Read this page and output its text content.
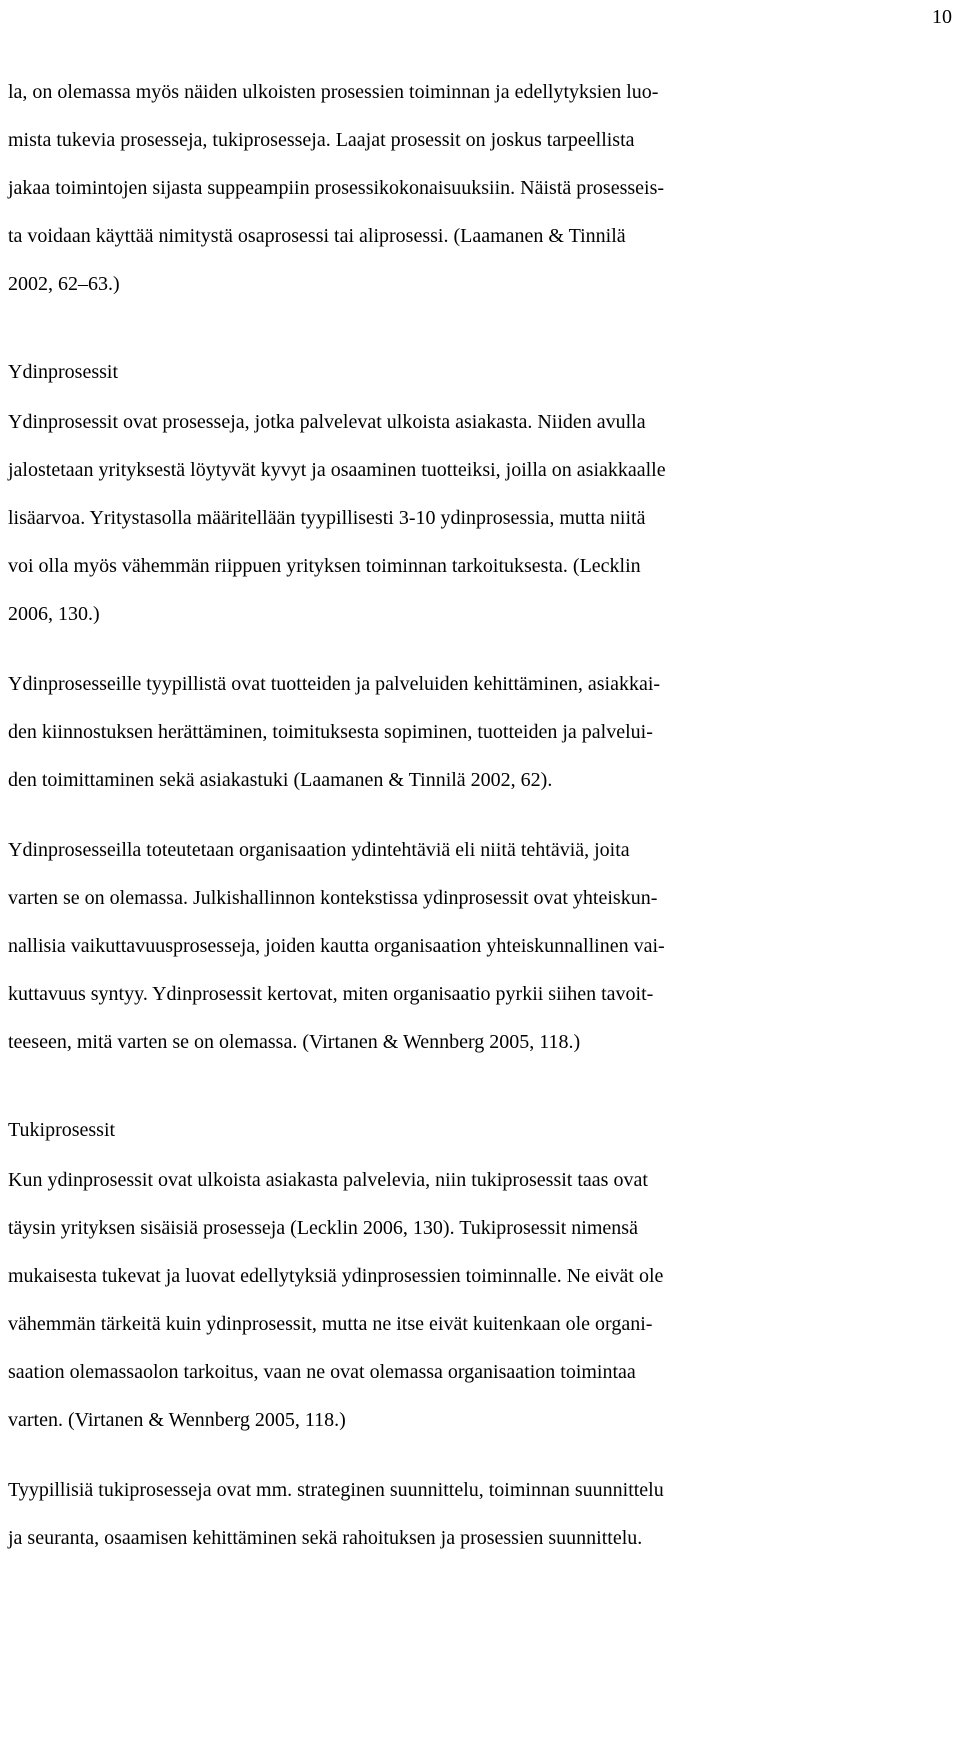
10
la, on olemassa myös näiden ulkoisten prosessien toiminnan ja edellytyksien luo-
mista tukevia prosesseja, tukiprosesseja. Laajat prosessit on joskus tarpeellista
jakaa toimintojen sijasta suppeampiin prosessikokonaisuuksiin. Näistä prosesseis-
ta voidaan käyttää nimitystä osaprosessi tai aliprosessi. (Laamanen & Tinnilä
2002, 62–63.)
Ydinprosessit
Ydinprosessit ovat prosesseja, jotka palvelevat ulkoista asiakasta. Niiden avulla
jalostetaan yrityksestä löytyvät kyvyt ja osaaminen tuotteiksi, joilla on asiakkaalle
lisäarvoa. Yritystasolla määritellään tyypillisesti 3-10 ydinprosessia, mutta niitä
voi olla myös vähemmän riippuen yrityksen toiminnan tarkoituksesta. (Lecklin
2006, 130.)
Ydinprosesseille tyypillistä ovat tuotteiden ja palveluiden kehittäminen, asiakkai-
den kiinnostuksen herättäminen, toimituksesta sopiminen, tuotteiden ja palvelui-
den toimittaminen sekä asiakastuki (Laamanen & Tinnilä 2002, 62).
Ydinprosesseilla toteutetaan organisaation ydintehtäviä eli niitä tehtäviä, joita
varten se on olemassa. Julkishallinnon kontekstissa ydinprosessit ovat yhteiskun-
nallisia vaikuttavuusprosesseja, joiden kautta organisaation yhteiskunnallinen vai-
kuttavuus syntyy. Ydinprosessit kertovat, miten organisaatio pyrkii siihen tavoit-
teeseen, mitä varten se on olemassa. (Virtanen & Wennberg 2005, 118.)
Tukiprosessit
Kun ydinprosessit ovat ulkoista asiakasta palvelevia, niin tukiprosessit taas ovat
täysin yrityksen sisäisiä prosesseja (Lecklin 2006, 130). Tukiprosessit nimensä
mukaisesta tukevat ja luovat edellytyksiä ydinprosessien toiminnalle. Ne eivät ole
vähemmän tärkeitä kuin ydinprosessit, mutta ne itse eivät kuitenkaan ole organi-
saation olemassaolon tarkoitus, vaan ne ovat olemassa organisaation toimintaa
varten. (Virtanen & Wennberg 2005, 118.)
Tyypillisiä tukiprosesseja ovat mm. strateginen suunnittelu, toiminnan suunnittelu
ja seuranta, osaamisen kehittäminen sekä rahoituksen ja prosessien suunnittelu.
